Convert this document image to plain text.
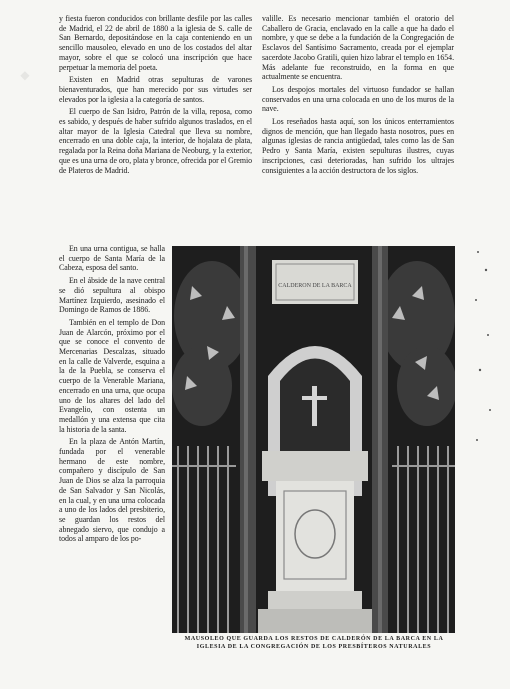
▪

y fiesta fueron conducidos con brillante desfile por las calles de Madrid, el 22 de abril de 1880 a la iglesia de S. calle de San Bernardo, depositándose en la caja conteniendo en un sencillo mausoleo, elevado en uno de los costados del altar mayor, sobre el que se colocó una inscripción que hace perpetuar la memoria del poeta.

Existen en Madrid otras sepulturas de varones bienaventurados, que han merecido por sus virtudes ser elevados por la iglesia a la categoría de santos.

El cuerpo de San Isidro, Patrón de la villa, reposa, como es sabido, y después de haber sufrido algunos traslados, en el altar mayor de la Iglesia Catedral que lleva su nombre, encerrado en una doble caja, la interior, de hojalata de plata, regalada por la Reina doña Mariana de Neoburg, y la exterior, que es una urna de oro, plata y bronce, ofrecida por el Gremio de Plateros de Madrid.

valille. Es necesario mencionar también el oratorio del Caballero de Gracia, enclavado en la calle a que ha dado el nombre, y que se debe a la fundación de la Congregación de Esclavos del Santísimo Sacramento, creada por el ejemplar sacerdote Jacobo Gratili, quien hizo labrar el templo en 1654. Más adelante fue reconstruido, en la forma en que actualmente se encuentra.

Los despojos mortales del virtuoso fundador se hallan conservados en una urna colocada en uno de los muros de la nave.

Los reseñados hasta aquí, son los únicos enterramientos dignos de mención, que han llegado hasta nosotros, pues en algunas iglesias de rancia antigüedad, tales como las de San Pedro y Santa María, existen sepulturas ilustres, cuyas inscripciones, casi deterioradas, han sufrido los ultrajes consiguientes a la acción destructora de los siglos.

En una urna contigua, se halla el cuerpo de Santa María de la Cabeza, esposa del santo.

En el ábside de la nave central se dió sepultura al obispo Martínez Izquierdo, asesinado el Domingo de Ramos de 1886.

También en el templo de Don Juan de Alarcón, próximo por el que se conoce el convento de Mercenarias Descalzas, situado en la calle de Valverde, esquina a la de la Puebla, se conserva el cuerpo de la Venerable Mariana, encerrado en una urna, que ocupa uno de los altares del lado del Evangelio, con ostenta un medallón y una extensa que cita la historia de la santa.

En la plaza de Antón Martín, fundada por el venerable hermano de este nombre, compañero y discípulo de San Juan de Dios se alza la parroquia de San Salvador y San Nicolás, en la cual, y en una urna colocada a uno de los lados del presbiterio, se guardan los restos del abnegado siervo, que condujo a todos al amparo de los po-

CALDERON DE LA BARCA
MAUSOLEO QUE GUARDA LOS RESTOS DE CALDERÓN DE LA BARCA EN LA
IGLESIA DE LA CONGREGACIÓN DE LOS PRESBÍTEROS NATURALES
